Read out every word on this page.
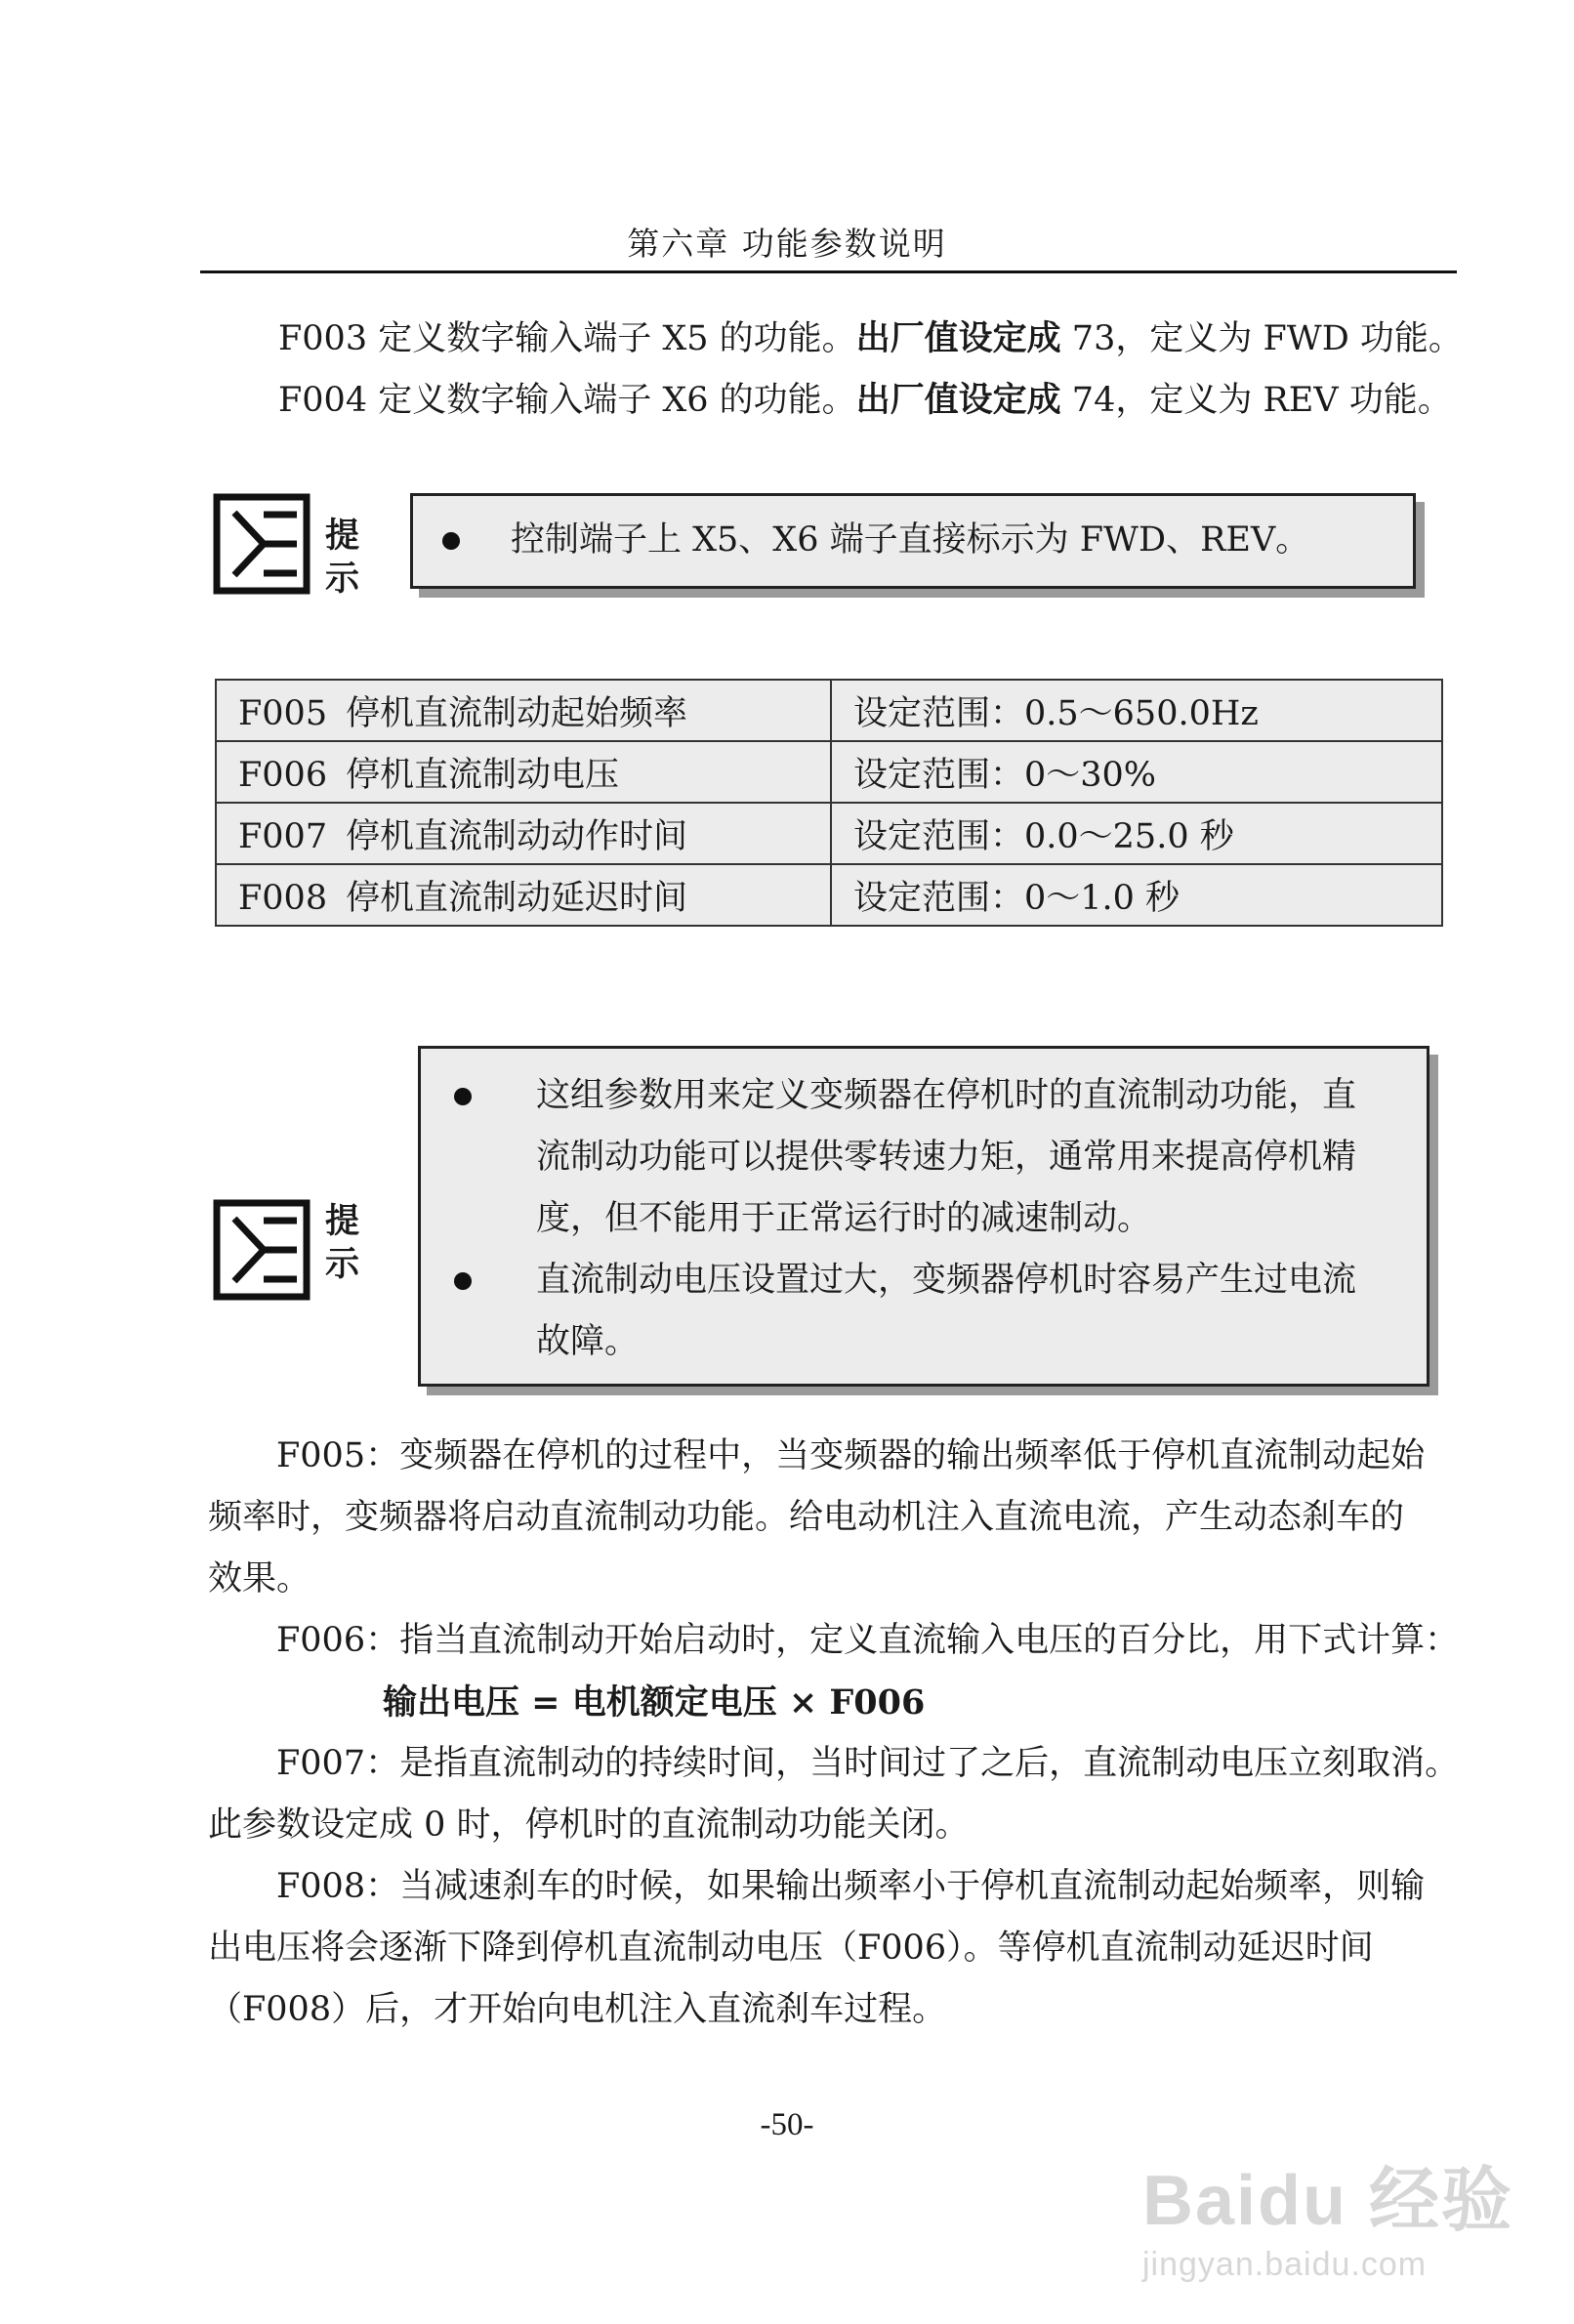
第六章 功能参数说明

F003 定义数字输入端子 X5 的功能。出厂值设定成 73，定义为 FWD 功能。

F004 定义数字输入端子 X6 的功能。出厂值设定成 74，定义为 REV 功能。

提
示
控制端子上 X5、X6 端子直接标示为 FWD、REV。
F005 停机直流制动起始频率	设定范围：0.5～650.0Hz
F006 停机直流制动电压	设定范围：0～30%
F007 停机直流制动动作时间	设定范围：0.0～25.0 秒
F008 停机直流制动延迟时间	设定范围：0～1.0 秒
提
示
这组参数用来定义变频器在停机时的直流制动功能，直
流制动功能可以提供零转速力矩，通常用来提高停机精
度，但不能用于正常运行时的减速制动。
直流制动电压设置过大，变频器停机时容易产生过电流
故障。

F005：变频器在停机的过程中，当变频器的输出频率低于停机直流制动起始

频率时，变频器将启动直流制动功能。给电动机注入直流电流，产生动态刹车的

效果。

F006：指当直流制动开始启动时，定义直流输入电压的百分比，用下式计算：

输出电压 = 电机额定电压 × F006

F007：是指直流制动的持续时间，当时间过了之后，直流制动电压立刻取消。

此参数设定成 0 时，停机时的直流制动功能关闭。

F008：当减速刹车的时候，如果输出频率小于停机直流制动起始频率，则输

出电压将会逐渐下降到停机直流制动电压（F006）。等停机直流制动延迟时间

（F008）后，才开始向电机注入直流刹车过程。

-50-
Baidu 经验
jingyan.baidu.com
